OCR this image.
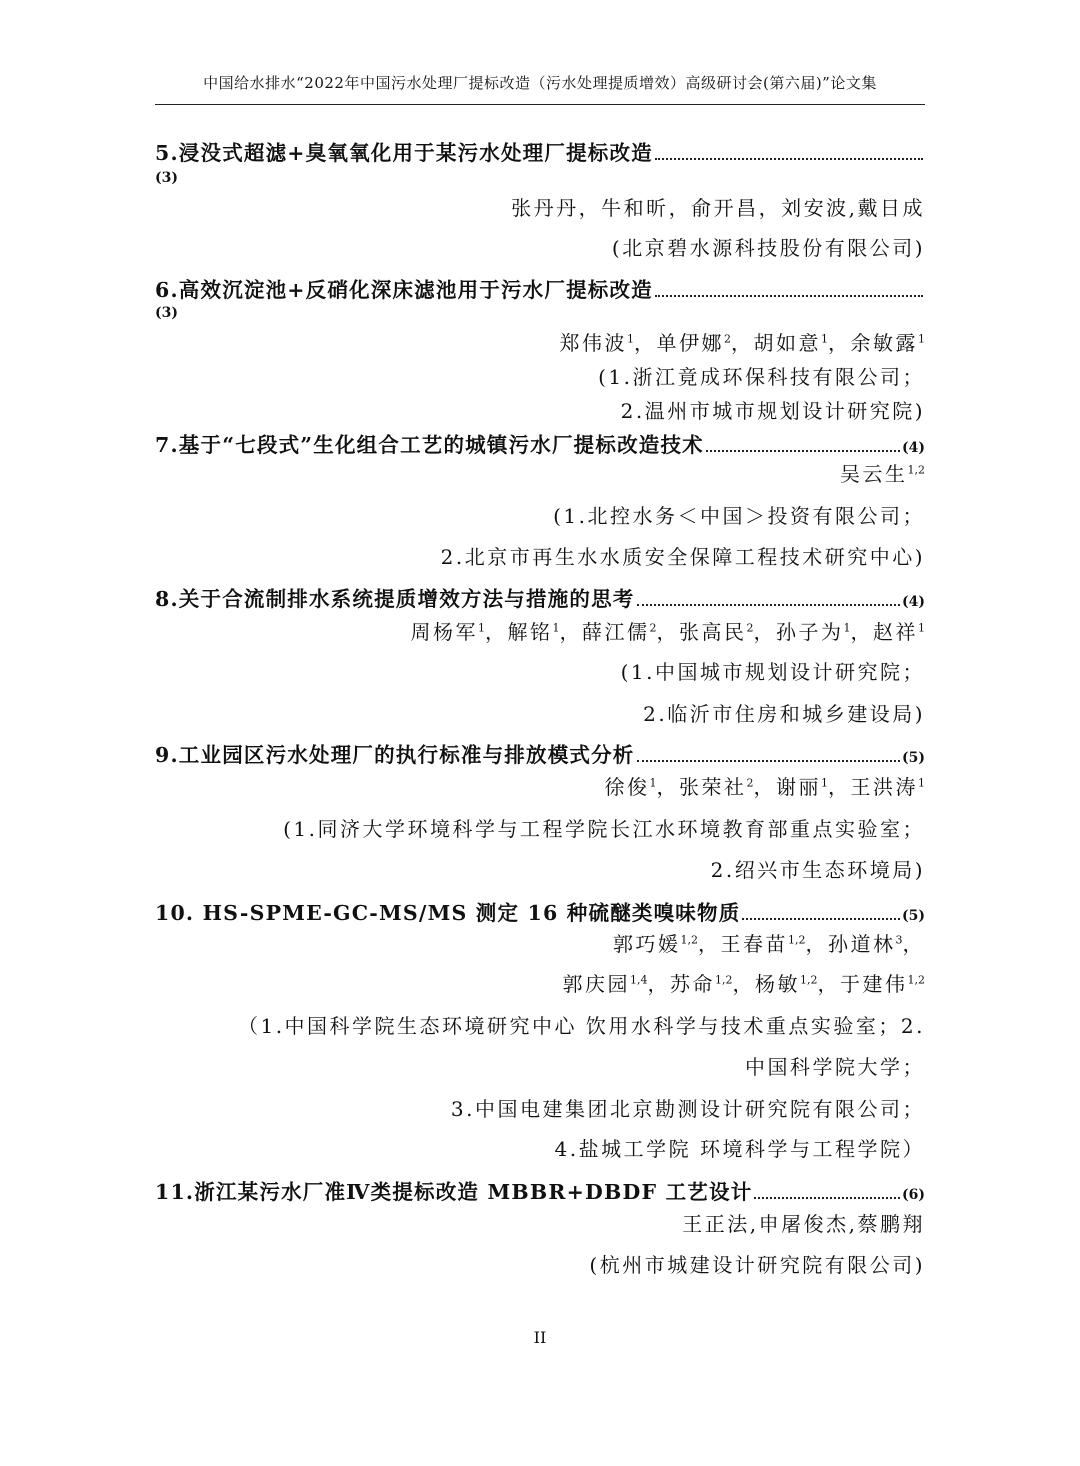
中国给水排水“2022年中国污水处理厂提标改造（污水处理提质增效）高级研讨会(第六届)”论文集
5.浸没式超滤+臭氧氧化用于某污水处理厂提标改造
(3)
张丹丹，牛和昕，俞开昌，刘安波,戴日成
(北京碧水源科技股份有限公司)
6.高效沉淀池+反硝化深床滤池用于污水厂提标改造
(3)
郑伟波$^1$，单伊娜$^2$，胡如意$^1$，余敏露$^1$
(1.浙江竟成环保科技有限公司；
2.温州市城市规划设计研究院)
7.基于“七段式”生化组合工艺的城镇污水厂提标改造技术	(4)
吴云生$^{1,2}$
(1.北控水务＜中国＞投资有限公司；
2.北京市再生水水质安全保障工程技术研究中心)
8.关于合流制排水系统提质增效方法与措施的思考	(4)
周杨军$^1$，解铭$^1$，薛江儒$^2$，张高民$^2$，孙子为$^1$，赵祥$^1$
(1.中国城市规划设计研究院；
2.临沂市住房和城乡建设局)
9.工业园区污水处理厂的执行标准与排放模式分析	(5)
徐俊$^1$，张荣社$^2$，谢丽$^1$，王洪涛$^1$
(1.同济大学环境科学与工程学院长江水环境教育部重点实验室；
2.绍兴市生态环境局)
10. HS-SPME-GC-MS/MS 测定 16 种硫醚类嗅味物质	(5)
郭巧媛$^{1,2}$，王春苗$^{1,2}$，孙道林$^3$，
郭庆园$^{1,4}$，苏命$^{1,2}$，杨敏$^{1,2}$，于建伟$^{1,2}$
（1.中国科学院生态环境研究中心 饮用水科学与技术重点实验室；2.
中国科学院大学；
3.中国电建集团北京勘测设计研究院有限公司；
4.盐城工学院 环境科学与工程学院）
11.浙江某污水厂准Ⅳ类提标改造 MBBR+DBDF 工艺设计	(6)
王正法,申屠俊杰,蔡鹏翔
(杭州市城建设计研究院有限公司)
II
